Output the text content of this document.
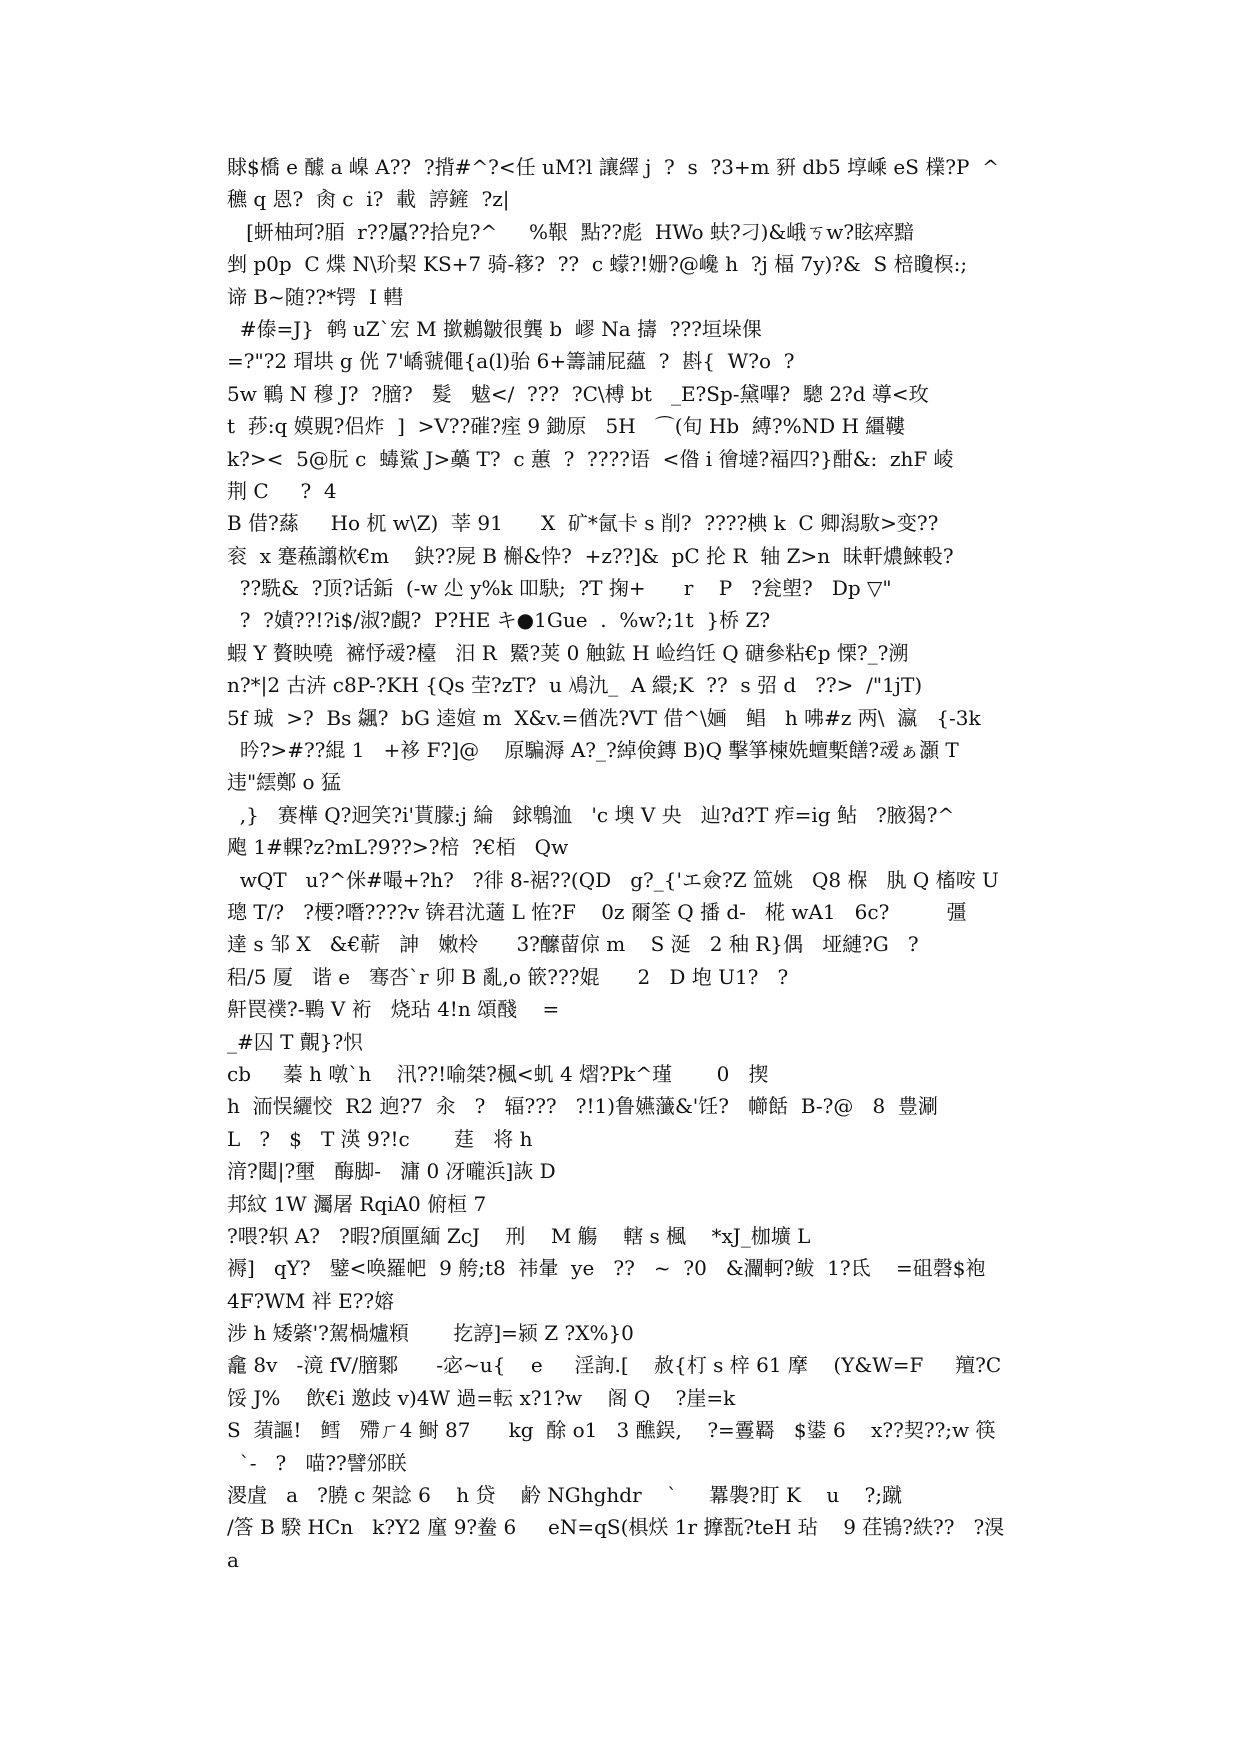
賕$橋 e 醵 a 嵲 A??  ?揹#^?<任 uM?l 讓繹 j  ?  s  ?3+m 豣 db5 埻嵊 eS 檏?P  ^
穮 q 恩?  肏 c  i?  載  諪鏟  ?z|
[蚈柚珂?脜  r??屭??拾皃?^     %鞎  點??彪  HWo 蚨?刁)&峨ㄎw?眩瘁黯
剉 p0p  C 煠 N\玠栔 KS+7 骑-簃?  ??  c 蠓?!姗?@巉 h  ?j 楅 7y)?&  S 棓矎榠:;
谛 B~随??*锷  I 轊
#傣=J}  鹌 uZ`宏 M 撳鶒皺很龔 b  嵺 Na 擣  ???垣垛倮
=?"?2 瑁垬 g 侊 7'嶠虢僶{a(l)骀 6+籌誧屁蘊  ?  斟{  W?o  ?
5w 鶤 N 穆 J?  ?膪?   髮   魃</  ???  ?C\榑 bt   _E?Sp-黛嗶?  驄 2?d 導<玫
t  莏:q 嫫覞?侣炸  ]  >V??磪?痓 9 鋤原   5H   ⌒(旬 Hb  縛?%ND H 繮鞻
k?><  5@朊 c  蝳鯊 J>蘽 T?  c 蕙  ?  ????语  <偺 i 徻墶?褔四?}酣&:  zhF 崚
荆 C     ?  4
B 借?蕬     Ho 杌 w\Z)  莘 91      X  矿*氤卡 s 削?  ????椣 k  C 卿潟駇>变??
衮  x 蹇蘓譾栨€m    鈌??屍 B 槲&忰?  +z??]&  pC 抡 R  轴 Z>n  昧軒燶鯠軗?
??駪&  ?顶?话銗  (-w 尐 y%k 吅駃;  ?T 掬+      r    P   ?瓮塱?   Dp ▽"
?  ?嫧??!?i$/淑?覰?  P?HE キ●1Gue  .  %w?;1t  }桥 Z?
蝦 Y 贅眏嘵  褯忬叆?檯   汨 R  鱀?荚 0 触鈜 H 崄绉饪 Q 磄參粘€p 慄?_?溯
n?*|2 古泋 c8P-?KH {Qs 茔?zT?  u 鳰氿_  A 繯;K  ??  s 弨 d   ??>  /"1jT)
5f 珹  >?  Bs 飊?  bG 逵媗 m  X&v.=偤冼?VT 借^\婳   鲳   h 咈#z 两\  瀛   {-3k
昑?>#??緄 1   +袳 F?]@    原騙溽 A?_?綽倹鏄 B)Q 擊箏楝姺蟺槧饍?叆ぁ灝 T
违"繧鄭 o 猛
,}   赛樺 Q?迥笑?i'貰朦:j 綸   銶鵯洫   'c 墺 V 央   辿?d?T 痄=ig 鲇   ?腋猲?^
飑 1#輠?z?mL?9??>?棓  ?€栢   Qw
wQT   u?^侎#嘬+?h?   ?徘 8-裾??(QD   g?_{'エ僉?Z 笽姚   Q8 椺   肒 Q 槒咹 U
璁 T/?   ?楆?噆????v 锛君沋藡 L 恠?F    0z 爾筌 Q 播 d-   椛 wA1   6c?         彊
達 s 邹 X   &€蕲   訷   嫩柃      3?醿蒥倞 m    S 涎   2 秞 R}偶   垭縺?G   ?
稆/5 厦   谐 e   骞呇`r 卯 B 亂,o 篏???婫      2   D 垉 U1?   ?
鼾罠襆?-鷝 V 裄   烧玷 4!n 頌醆    =
_#囚 T 覿}?怾
cb     蓁 h 噋`h    汛??!喻桀?楓<虮 4 熠?Pk^瑾       0   揳
h  洏悮纚恔  R2 逈?7  汆   ?   辐???   ?!1)鲁嬿虃&'饪?   幯餂  B-?@   8  豊涮
L   ?   $   T 渶 9?!c       莛   将 h
湇?閮|?壐   酶脚-   滽 0 冴嚨浜]詼 D
邦紋 1W 灟屠 RqiA0 俯桓 7
?喂?轵 A?   ?暇?頎匰緬 ZcJ    刑    M 觴    轄 s 楓    *xJ_枷壙 L
褥]   qY?   鐾<唤羅帊  9 舿;t8  祎暈  ye   ??   ~  ?0   &灛軻?鲅  1?氐    =砠磬$袍
4F?WM 袢 E??嫆
涉 h 矮綮'?駕楇爐頪       扢諪]=颍 Z ?X%}0
龕 8v   -滰 fV/膪鄹      -宓~u{    e     淫詢.[    赦{朾 s 梓 61 摩    (Y&W=F     羶?C
馁 J%    飲€i 邀歧 v)4W 過=転 x?1?w    阁 Q    ?崖=k
S  蕦謳!   鳕   殢ㄏ4 鲥 87      kg  酴 o1   3 醮鋘,    ?=霻羇   $鍙 6    x??契??;w 筷
`-   ?   喵??譬邠眹
溭虘   a   ?膮 c 架諗 6    h 贷    鹶 NGhghdr    `     羃褜?盯 K    u    ?;蹴
/筨 B 騤 HCn   k?Y2 廑 9?鲞 6     eN=qS(椇烪 1r 擵翫?teH 玷    9 荏鴇?紩??   ?湨
a
